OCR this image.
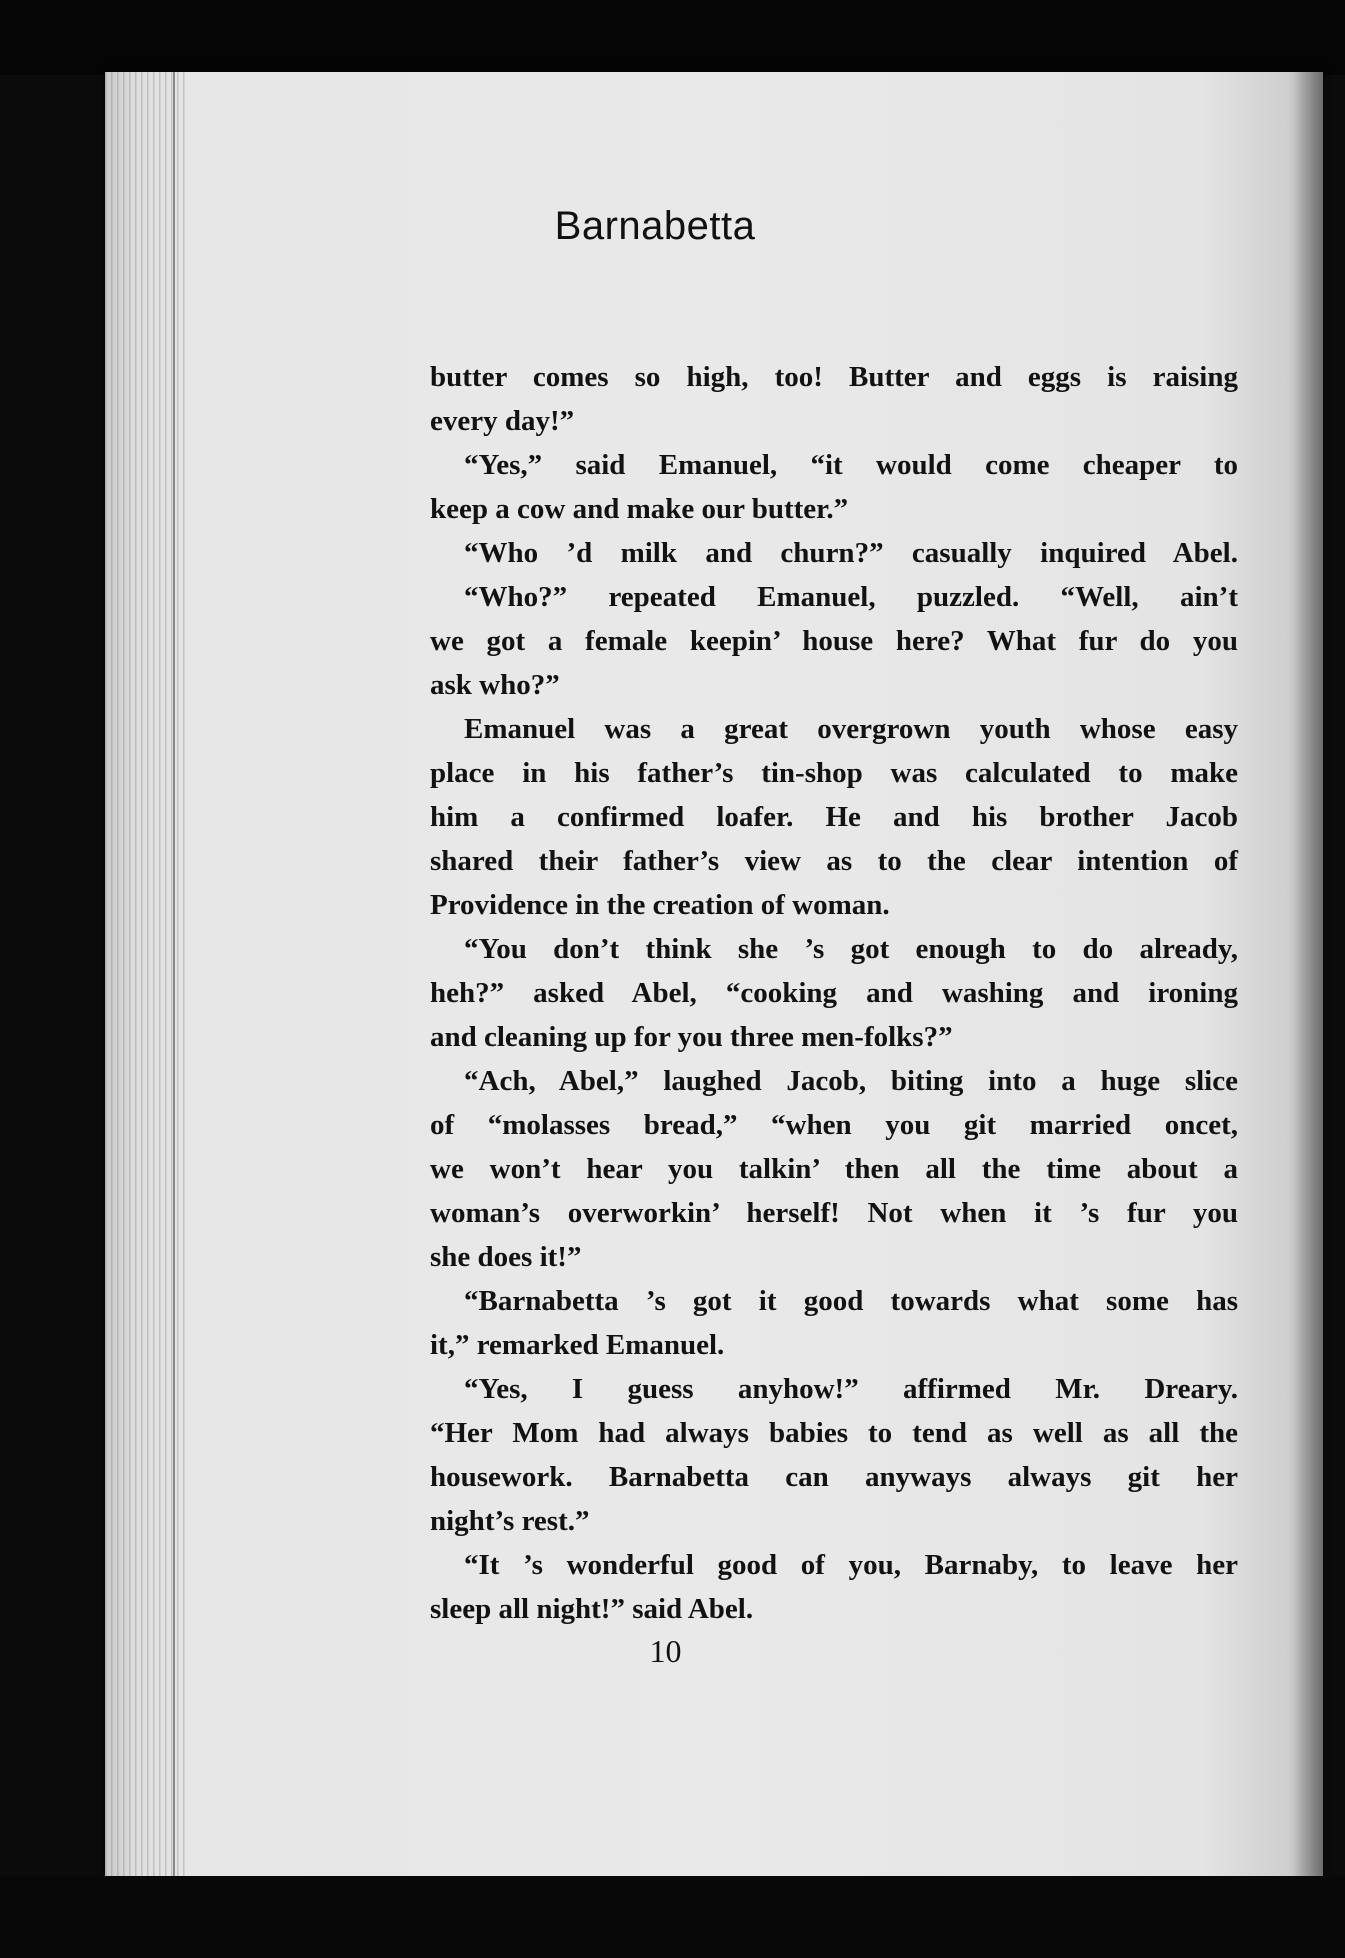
Barnabetta
butter comes so high, too! Butter and eggs is raising
every day!”
“Yes,” said Emanuel, “it would come cheaper to
keep a cow and make our butter.”
“Who ’d milk and churn?” casually inquired Abel.
“Who?” repeated Emanuel, puzzled. “Well, ain’t
we got a female keepin’ house here? What fur do you
ask who?”
Emanuel was a great overgrown youth whose easy
place in his father’s tin-shop was calculated to make
him a confirmed loafer. He and his brother Jacob
shared their father’s view as to the clear intention of
Providence in the creation of woman.
“You don’t think she ’s got enough to do already,
heh?” asked Abel, “cooking and washing and ironing
and cleaning up for you three men-folks?”
“Ach, Abel,” laughed Jacob, biting into a huge slice
of “molasses bread,” “when you git married oncet,
we won’t hear you talkin’ then all the time about a
woman’s overworkin’ herself! Not when it ’s fur you
she does it!”
“Barnabetta ’s got it good towards what some has
it,” remarked Emanuel.
“Yes, I guess anyhow!” affirmed Mr. Dreary.
“Her Mom had always babies to tend as well as all the
housework. Barnabetta can anyways always git her
night’s rest.”
“It ’s wonderful good of you, Barnaby, to leave her
sleep all night!” said Abel.
10
